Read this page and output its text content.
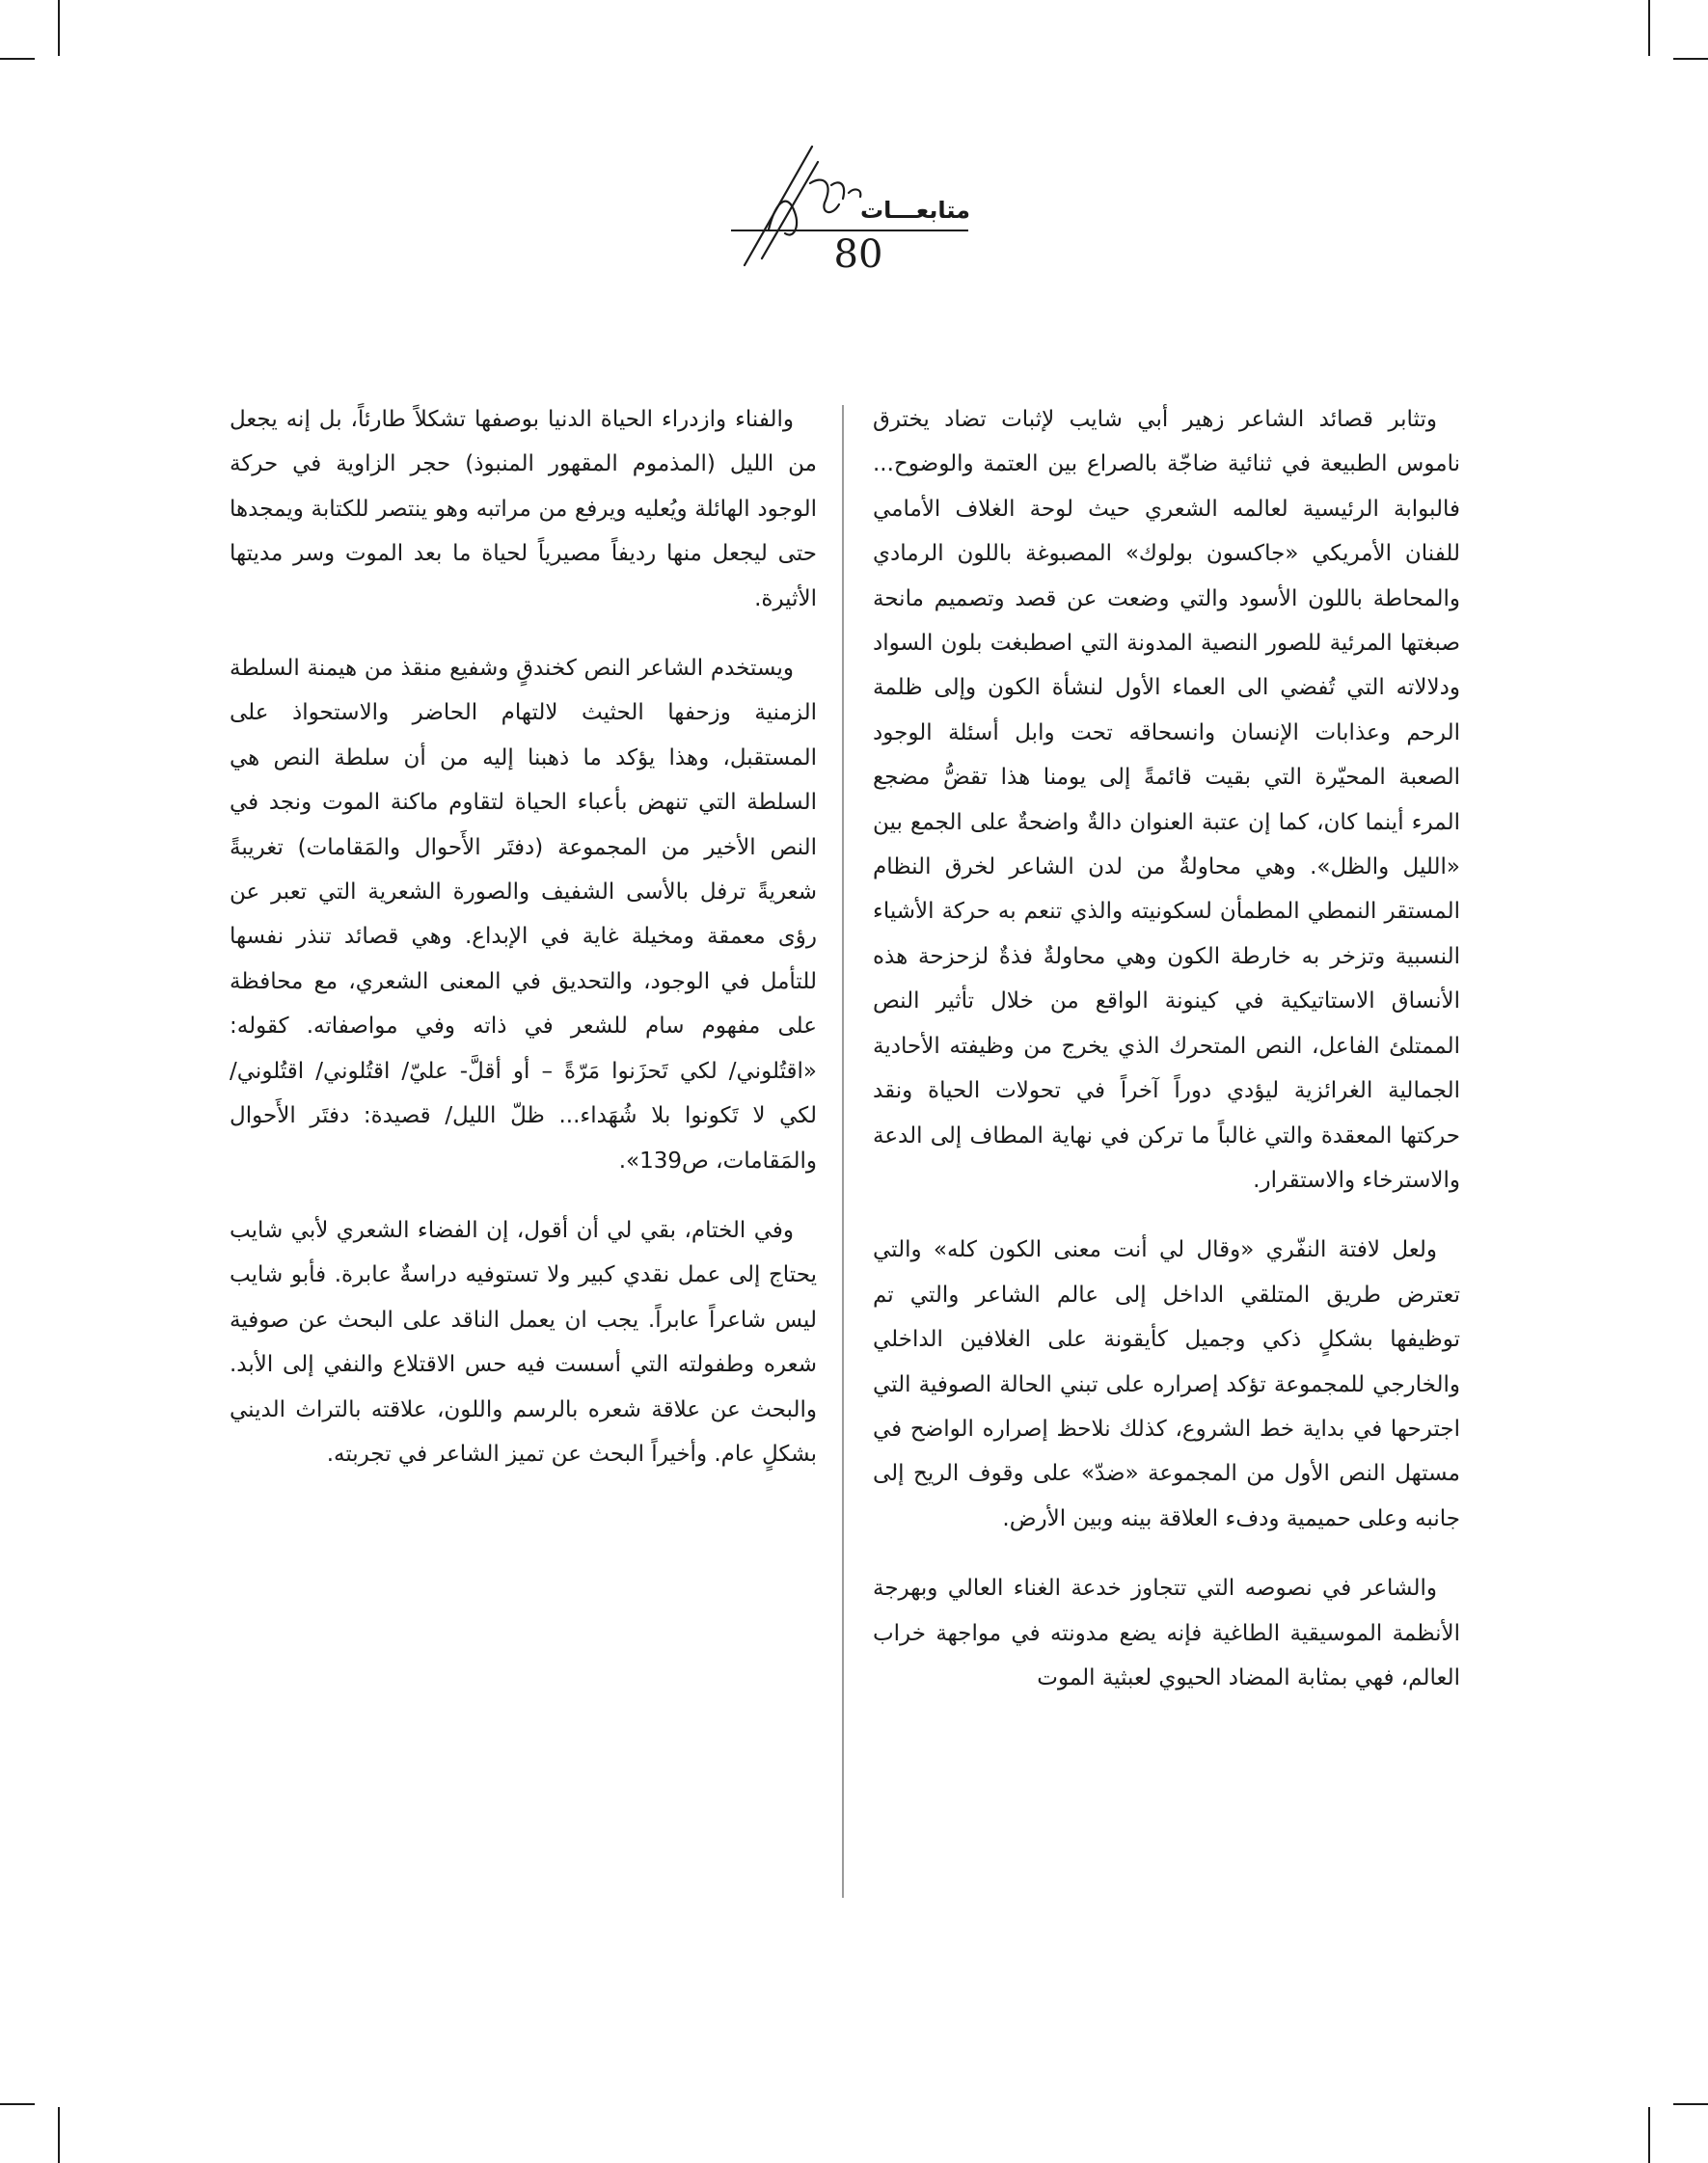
متابعـــات
80

وتثابر قصائد الشاعر زهير أبي شايب لإثبات تضاد يخترق ناموس الطبيعة في ثنائية ضاجّة بالصراع بين العتمة والوضوح... فالبوابة الرئيسية لعالمه الشعري حيث لوحة الغلاف الأمامي للفنان الأمريكي «جاكسون بولوك» المصبوغة باللون الرمادي والمحاطة باللون الأسود والتي وضعت عن قصد وتصميم مانحة صبغتها المرئية للصور النصية المدونة التي اصطبغت بلون السواد ودلالاته التي تُفضي الى العماء الأول لنشأة الكون وإلى ظلمة الرحم وعذابات الإنسان وانسحاقه تحت وابل أسئلة الوجود الصعبة المحيّرة التي بقيت قائمةً إلى يومنا هذا تقضُّ مضجع المرء أينما كان، كما إن عتبة العنوان دالةٌ واضحةٌ على الجمع بين «الليل والظل». وهي محاولةٌ من لدن الشاعر لخرق النظام المستقر النمطي المطمأن لسكونيته والذي تنعم به حركة الأشياء النسبية وتزخر به خارطة الكون وهي محاولةٌ فذةٌ لزحزحة هذه الأنساق الاستاتيكية في كينونة الواقع من خلال تأثير النص الممتلئ الفاعل، النص المتحرك الذي يخرج من وظيفته الأحادية الجمالية الغرائزية ليؤدي دوراً آخراً في تحولات الحياة ونقد حركتها المعقدة والتي غالباً ما تركن في نهاية المطاف إلى الدعة والاسترخاء والاستقرار.

ولعل لافتة النفّري «وقال لي أنت معنى الكون كله» والتي تعترض طريق المتلقي الداخل إلى عالم الشاعر والتي تم توظيفها بشكلٍ ذكي وجميل كأيقونة على الغلافين الداخلي والخارجي للمجموعة تؤكد إصراره على تبني الحالة الصوفية التي اجترحها في بداية خط الشروع، كذلك نلاحظ إصراره الواضح في مستهل النص الأول من المجموعة «ضدّ» على وقوف الريح إلى جانبه وعلى حميمية ودفء العلاقة بينه وبين الأرض.

والشاعر في نصوصه التي تتجاوز خدعة الغناء العالي وبهرجة الأنظمة الموسيقية الطاغية فإنه يضع مدونته في مواجهة خراب العالم، فهي بمثابة المضاد الحيوي لعبثية الموت

والفناء وازدراء الحياة الدنيا بوصفها تشكلاً طارئاً، بل إنه يجعل من الليل (المذموم المقهور المنبوذ) حجر الزاوية في حركة الوجود الهائلة ويُعليه ويرفع من مراتبه وهو ينتصر للكتابة ويمجدها حتى ليجعل منها رديفاً مصيرياً لحياة ما بعد الموت وسر مديتها الأثيرة.

ويستخدم الشاعر النص كخندقٍ وشفيع منقذ من هيمنة السلطة الزمنية وزحفها الحثيث لالتهام الحاضر والاستحواذ على المستقبل، وهذا يؤكد ما ذهبنا إليه من أن سلطة النص هي السلطة التي تنهض بأعباء الحياة لتقاوم ماكنة الموت ونجد في النص الأخير من المجموعة (دفتَر الأَحوال والمَقامات) تغريبةً شعريةً ترفل بالأسى الشفيف والصورة الشعرية التي تعبر عن رؤى معمقة ومخيلة غاية في الإبداع. وهي قصائد تنذر نفسها للتأمل في الوجود، والتحديق في المعنى الشعري، مع محافظة على مفهوم سام للشعر في ذاته وفي مواصفاته. كقوله: «اقتُلوني/ لكي تَحزَنوا مَرّةً – أو أقلَّ- عليّ/ اقتُلوني/ اقتُلوني/ لكي لا تَكونوا بلا شُهَداء... ظلّ الليل/ قصيدة: دفتَر الأَحوال والمَقامات، ص139».

وفي الختام، بقي لي أن أقول، إن الفضاء الشعري لأبي شايب يحتاج إلى عمل نقدي كبير ولا تستوفيه دراسةٌ عابرة. فأبو شايب ليس شاعراً عابراً. يجب ان يعمل الناقد على البحث عن صوفية شعره وطفولته التي أسست فيه حس الاقتلاع والنفي إلى الأبد. والبحث عن علاقة شعره بالرسم واللون، علاقته بالتراث الديني بشكلٍ عام. وأخيراً البحث عن تميز الشاعر في تجربته.
